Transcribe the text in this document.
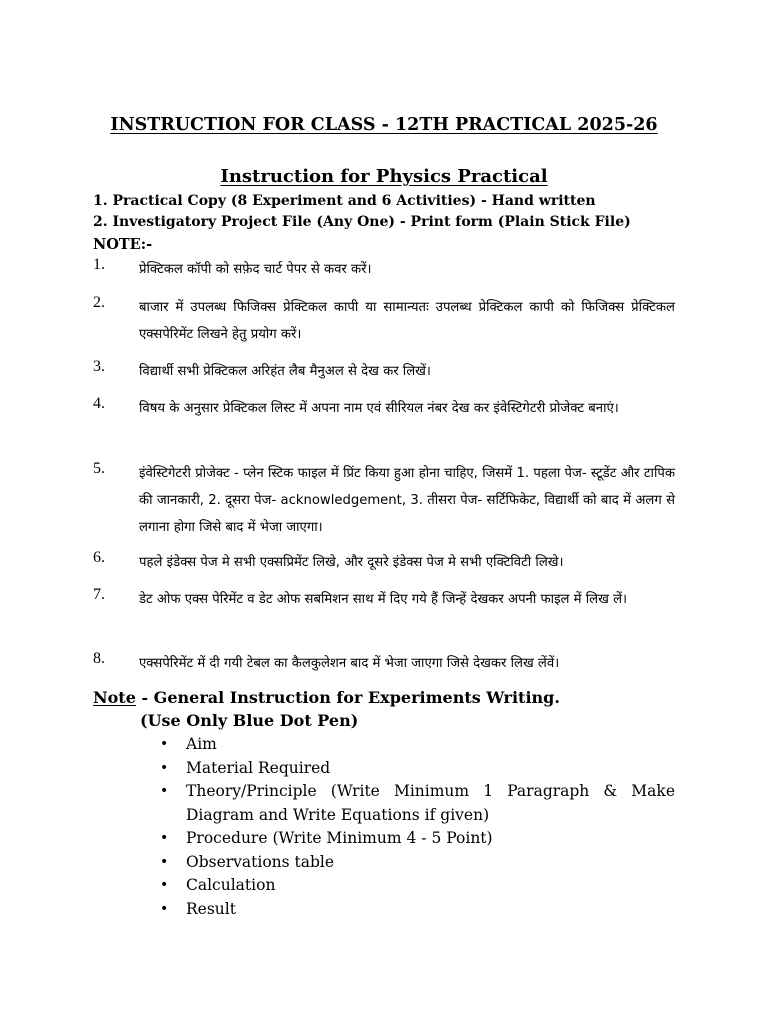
INSTRUCTION FOR CLASS - 12TH PRACTICAL 2025-26
Instruction for Physics Practical
1. Practical Copy (8 Experiment and 6 Activities) - Hand written
2. Investigatory Project File (Any One) - Print form (Plain Stick File)
NOTE:-
1.	प्रेक्टिकल कॉपी को सफ़ेद चार्ट पेपर से कवर करें।
2.	बाजार में उपलब्ध फिजिक्स प्रेक्टिकल कापी या सामान्यतः उपलब्ध प्रेक्टिकल कापी को फिजिक्स प्रेक्टिकल एक्सपेरिमेंट लिखने हेतु प्रयोग करें।
3.	विद्यार्थी सभी प्रेक्टिकल अरिहंत लैब मैनुअल से देख कर लिखें।
4.	विषय के अनुसार प्रेक्टिकल लिस्ट में अपना नाम एवं सीरियल नंबर देख कर इंवेस्टिगेटरी प्रोजेक्ट बनाएं।
5.	इंवेस्टिगेटरी प्रोजेक्ट - प्लेन स्टिक फाइल में प्रिंट किया हुआ होना चाहिए, जिसमें 1. पहला पेज- स्टूडेंट और टापिक की जानकारी, 2. दूसरा पेज- acknowledgement, 3. तीसरा पेज- सर्टिफिकेट, विद्यार्थी को बाद में अलग से लगाना होगा जिसे बाद में भेजा जाएगा।
6.	पहले इंडेक्स पेज मे सभी एक्सप्रिमेंट लिखे, और दूसरे इंडेक्स पेज मे सभी एक्टिविटी लिखे।
7.	डेट ओफ एक्स पेरिमेंट व डेट ओफ सबमिशन साथ में दिए गये हैं जिन्हें देखकर अपनी फाइल में लिख लें।
8.	एक्सपेरिमेंट में दी गयी टेबल का कैलकुलेशन बाद में भेजा जाएगा जिसे देखकर लिख लेंवें।
Note - General Instruction for Experiments Writing.
(Use Only Blue Dot Pen)
• Aim
• Material Required
• Theory/Principle (Write Minimum 1 Paragraph & Make Diagram and Write Equations if given)
• Procedure (Write Minimum 4 - 5 Point)
• Observations table
• Calculation
• Result
